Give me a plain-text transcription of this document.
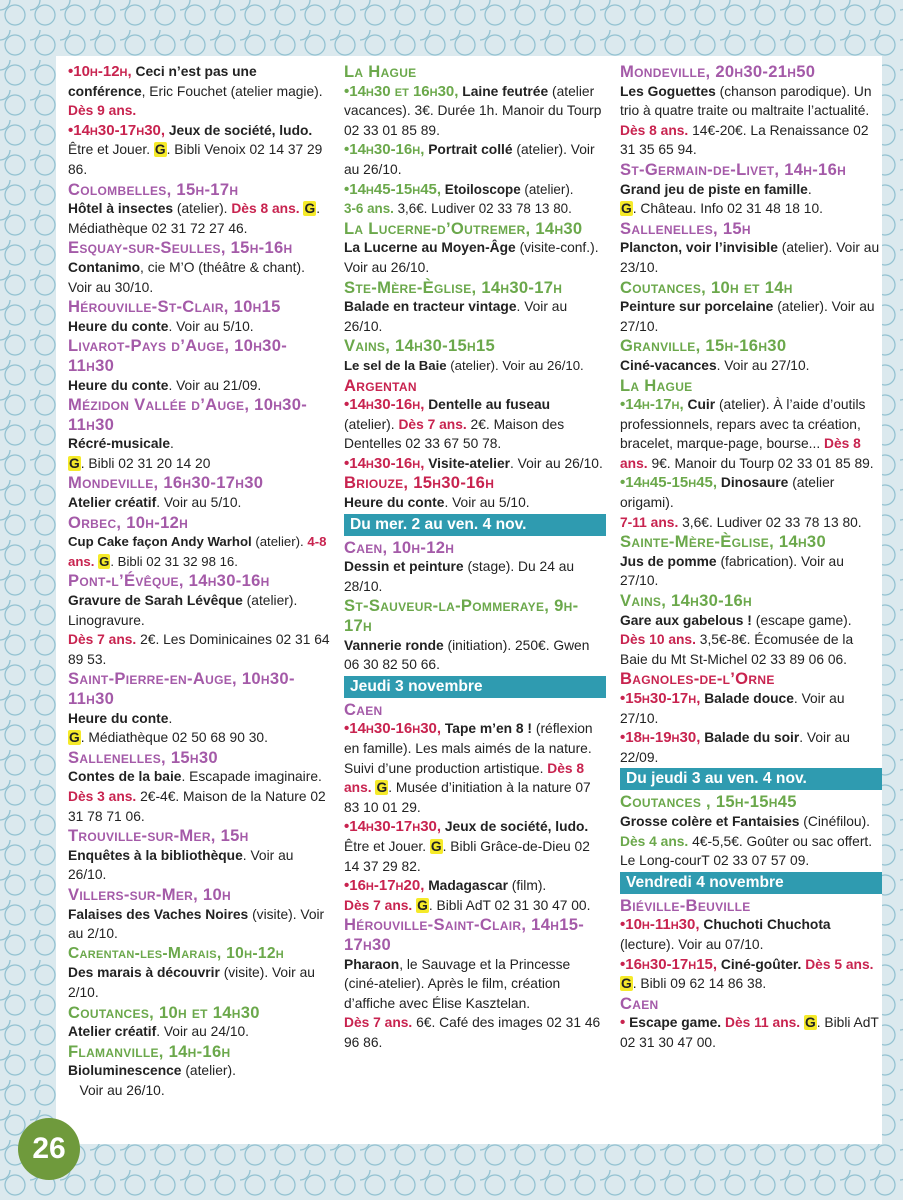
•10h-12h, Ceci n’est pas une conférence, Eric Fouchet (atelier magie). Dès 9 ans.

•14h30-17h30, Jeux de société, ludo. Être et Jouer. G. Bibli Venoix 02 14 37 29 86.

Colombelles, 15h-17h

Hôtel à insectes (atelier). Dès 8 ans. G. Médiathèque 02 31 72 27 46.

Esquay-sur-Seulles, 15h-16h

Contanimo, cie M’O (théâtre & chant). Voir au 30/10.

Hérouville-St-Clair, 10h15

Heure du conte. Voir au 5/10.

Livarot-Pays d’Auge, 10h30-11h30

Heure du conte. Voir au 21/09.

Mézidon Vallée d’Auge, 10h30-11h30

Récré-musicale.
G. Bibli 02 31 20 14 20

Mondeville, 16h30-17h30

Atelier créatif. Voir au 5/10.

Orbec, 10h-12h

Cup Cake façon Andy Warhol (atelier). 4-8 ans. G. Bibli 02 31 32 98 16.

Pont-l’Évêque, 14h30-16h

Gravure de Sarah Lévêque (atelier). Linogravure.
Dès 7 ans. 2€. Les Dominicaines 02 31 64 89 53.

Saint-Pierre-en-Auge, 10h30-11h30

Heure du conte.
G. Médiathèque 02 50 68 90 30.

Sallenelles, 15h30

Contes de la baie. Escapade imaginaire.
Dès 3 ans. 2€-4€. Maison de la Nature 02 31 78 71 06.

Trouville-sur-Mer, 15h

Enquêtes à la bibliothèque. Voir au 26/10.

Villers-sur-Mer, 10h

Falaises des Vaches Noires (visite). Voir au 2/10.

Carentan-les-Marais, 10h-12h

Des marais à découvrir (visite). Voir au 2/10.

Coutances, 10h et 14h30

Atelier créatif. Voir au 24/10.

Flamanville, 14h-16h

Bioluminescence (atelier).
Voir au 26/10.

La Hague

•14h30 et 16h30, Laine feutrée (atelier vacances). 3€. Durée 1h. Manoir du Tourp 02 33 01 85 89.

•14h30-16h, Portrait collé (atelier). Voir au 26/10.

•14h45-15h45, Etoiloscope (atelier).
3-6 ans. 3,6€. Ludiver 02 33 78 13 80.

La Lucerne-d’Outremer, 14h30

La Lucerne au Moyen-Âge (visite-conf.). Voir au 26/10.

Ste-Mère-Èglise, 14h30-17h

Balade en tracteur vintage. Voir au 26/10.

Vains, 14h30-15h15

Le sel de la Baie (atelier). Voir au 26/10.

Argentan

•14h30-16h, Dentelle au fuseau
(atelier). Dès 7 ans. 2€. Maison des Dentelles 02 33 67 50 78.

•14h30-16h, Visite-atelier. Voir au 26/10.

Briouze, 15h30-16h

Heure du conte. Voir au 5/10.

Du mer. 2 au ven. 4 nov.

Caen, 10h-12h

Dessin et peinture (stage). Du 24 au 28/10.

St-Sauveur-la-Pommeraye, 9h-17h

Vannerie ronde (initiation). 250€. Gwen 06 30 82 50 66.

Jeudi 3 novembre

Caen

•14h30-16h30, Tape m’en 8 ! (réflexion en famille). Les mals aimés de la nature. Suivi d’une production artistique. Dès 8 ans. G. Musée d’initiation à la nature 07 83 10 01 29.

•14h30-17h30, Jeux de société, ludo. Être et Jouer. G. Bibli Grâce-de-Dieu 02 14 37 29 82.

•16h-17h20, Madagascar (film).
Dès 7 ans. G. Bibli AdT 02 31 30 47 00.

Hérouville-Saint-Clair, 14h15-17h30

Pharaon, le Sauvage et la Princesse (ciné-atelier). Après le film, création d’affiche avec Élise Kasztelan.
Dès 7 ans. 6€. Café des images 02 31 46 96 86.

Mondeville, 20h30-21h50

Les Goguettes (chanson parodique). Un trio à quatre traite ou maltraite l’actualité.
Dès 8 ans. 14€-20€. La Renaissance 02 31 35 65 94.

St-Germain-de-Livet, 14h-16h

Grand jeu de piste en famille.
G. Château. Info 02 31 48 18 10.

Sallenelles, 15h

Plancton, voir l’invisible (atelier). Voir au 23/10.

Coutances, 10h et 14h

Peinture sur porcelaine (atelier). Voir au 27/10.

Granville, 15h-16h30

Ciné-vacances. Voir au 27/10.

La Hague

•14h-17h, Cuir (atelier). À l’aide d’outils professionnels, repars avec ta création, bracelet, marque-page, bourse... Dès 8 ans. 9€. Manoir du Tourp 02 33 01 85 89.

•14h45-15h45, Dinosaure (atelier origami).
7-11 ans. 3,6€. Ludiver 02 33 78 13 80.

Sainte-Mère-Èglise, 14h30

Jus de pomme (fabrication). Voir au 27/10.

Vains, 14h30-16h

Gare aux gabelous ! (escape game).
Dès 10 ans. 3,5€-8€. Écomusée de la Baie du Mt St-Michel 02 33 89 06 06.

Bagnoles-de-l’Orne

•15h30-17h, Balade douce. Voir au 27/10.

•18h-19h30, Balade du soir. Voir au 22/09.

Du jeudi 3 au ven. 4 nov.

Coutances , 15h-15h45

Grosse colère et Fantaisies (Cinéfilou).
Dès 4 ans. 4€-5,5€. Goûter ou sac offert. Le Long-courT 02 33 07 57 09.

Vendredi 4 novembre

Biéville-Beuville

•10h-11h30, Chuchoti Chuchota (lecture). Voir au 07/10.

•16h30-17h15, Ciné-goûter. Dès 5 ans. G. Bibli 09 62 14 86 38.

Caen

• Escape game. Dès 11 ans. G. Bibli AdT 02 31 30 47 00.

26
